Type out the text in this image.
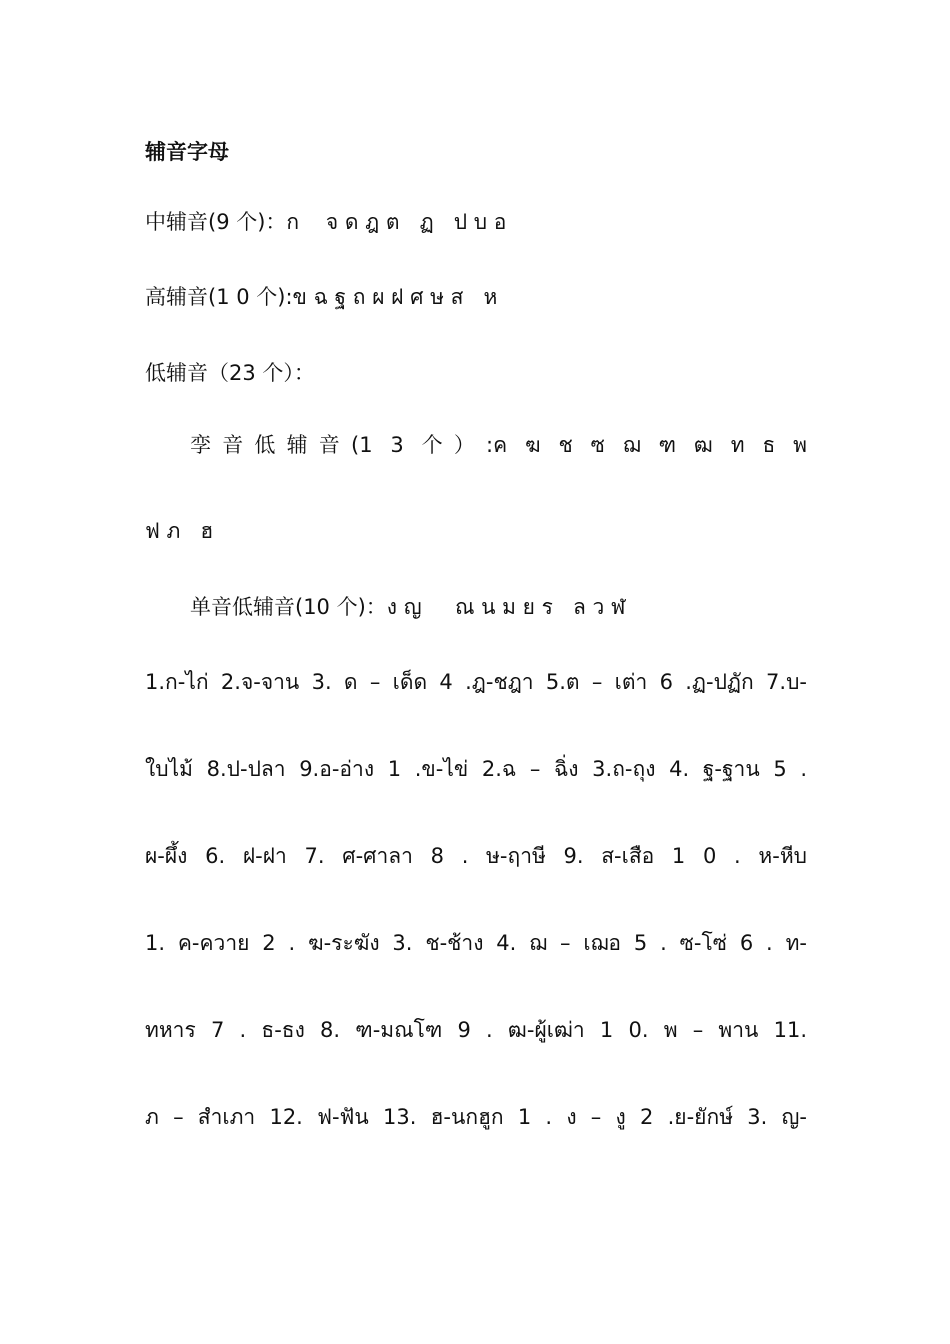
辅音字母
中辅音(9 个)：ก    จ ด ฎ ต   ฏ   ป บ อ
高辅音(1 0 个):ข ฉ ฐ ถ ผ ฝ ศ ษ ส   ห
低辅音（23 个）：
孪音低辅音(1 3 个）:ค ฆ ช ซ ฌ ฑ ฒ ท ธ พ
ฟ ภ   ฮ
单音低辅音(10 个)：ง ญ     ณ น ม ย ร   ล ว ฬ
1.ก-ไก่ 2.จ-จาน 3. ด – เด็ด 4 .ฎ-ชฎา 5.ต – เต่า 6 .ฏ-ปฏัก 7.บ-
ใบไม้ 8.ป-ปลา 9.อ-อ่าง 1 .ข-ไข่ 2.ฉ – ฉิ่ง 3.ถ-ถุง 4. ฐ-ฐาน 5 .
ผ-ผึ้ง 6. ฝ-ฝา 7. ศ-ศาลา 8 . ษ-ฤาษี 9. ส-เสือ 1 0 . ห-หีบ
1. ค-ควาย 2 . ฆ-ระฆัง 3. ช-ช้าง 4. ฌ – เฌอ 5 . ซ-โซ่ 6 . ท-
ทหาร 7 . ธ-ธง 8. ฑ-มณโฑ 9 . ฒ-ผู้เฒ่า 1 0. พ – พาน 11.
ภ – สำเภา 12. ฟ-ฟัน 13. ฮ-นกฮูก 1 . ง – งู 2 .ย-ยักษ์ 3. ญ-
